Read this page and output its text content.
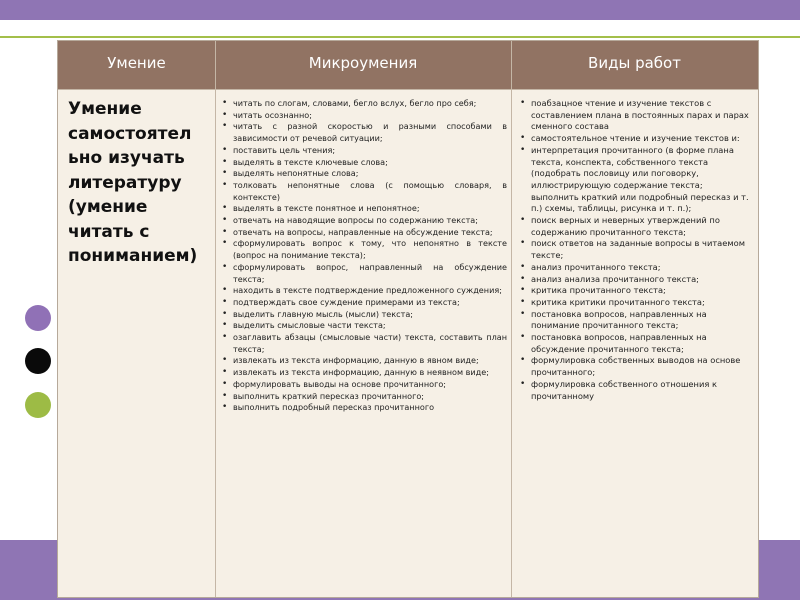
Умение	Микроумения	Виды работ
Умение
самостоятел
ьно изучать
литературу
(умение
читать с
пониманием)
• читать по слогам, словами, бегло вслух, бегло про себя;
• читать осознанно;
• читать с разной скоростью и разными способами в зависимости от речевой ситуации;
• поставить цель чтения;
• выделять в тексте ключевые слова;
• выделять непонятные слова;
• толковать непонятные слова (с помощью словаря, в контексте)
• выделять в тексте понятное и непонятное;
• отвечать на наводящие вопросы по содержанию текста;
• отвечать на вопросы, направленные на обсуждение текста;
• сформулировать вопрос к тому, что непонятно в тексте (вопрос на понимание текста);
• сформулировать вопрос, направленный на обсуждение текста;
• находить в тексте подтверждение предложенного суждения;
• подтверждать свое суждение примерами из текста;
• выделить главную мысль (мысли) текста;
• выделить смысловые части текста;
• озаглавить абзацы (смысловые части) текста, составить план текста;
• извлекать из текста информацию, данную в явном виде;
• извлекать из текста информацию, данную в неявном виде;
• формулировать выводы на основе прочитанного;
• выполнить краткий пересказ прочитанного;
• выполнить подробный пересказ прочитанного
• поабзацное чтение и изучение текстов с составлением плана в постоянных парах и парах сменного состава
• самостоятельное чтение и изучение текстов и:
• интерпретация прочитанного (в форме плана текста, конспекта, собственного текста (подобрать пословицу или поговорку, иллюстрирующую содержание текста; выполнить краткий или подробный пересказ и т. п.) схемы, таблицы, рисунка и т. п.);
• поиск верных и неверных утверждений по содержанию прочитанного текста;
• поиск ответов на заданные вопросы в читаемом тексте;
• анализ прочитанного текста;
• анализ анализа прочитанного текста;
• критика прочитанного текста;
• критика критики прочитанного текста;
• постановка вопросов, направленных на понимание прочитанного текста;
• постановка вопросов, направленных на обсуждение прочитанного текста;
• формулировка собственных выводов на основе прочитанного;
• формулировка собственного отношения к прочитанному
